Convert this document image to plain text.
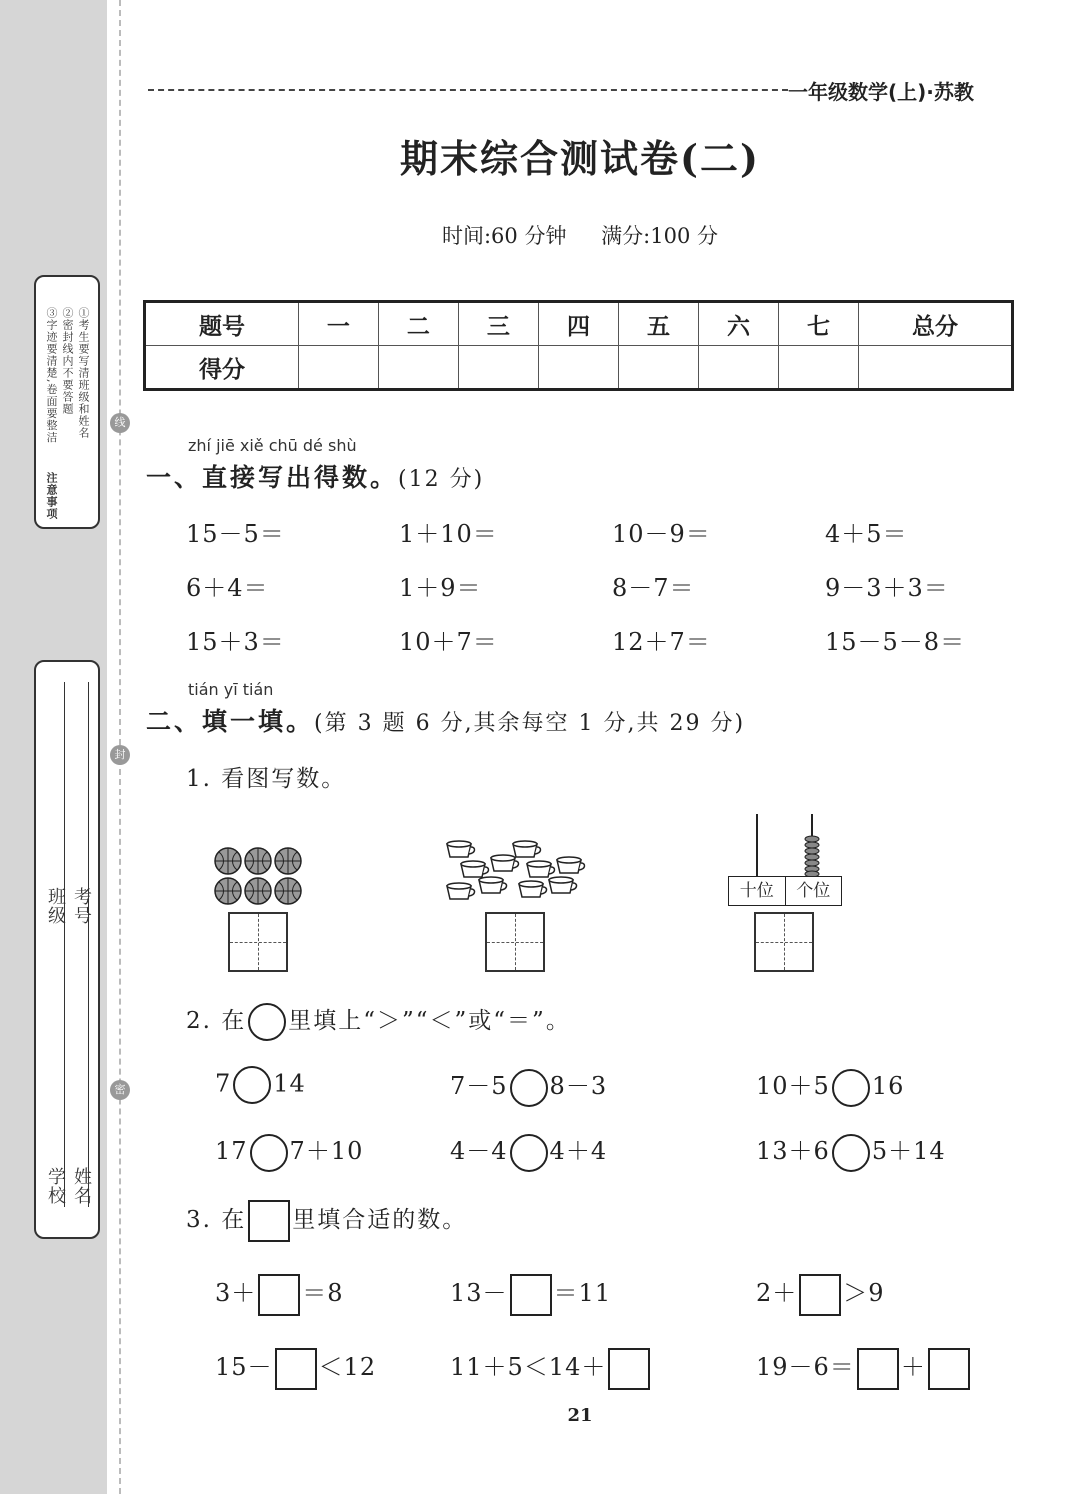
①考生要写清班级和姓名
②密封线内不要答题
③字迹要清楚,卷面要整洁
注意事项
班级 考号
学校 姓名
线
封
密
一年级数学(上)·苏教
期末综合测试卷(二)
时间:60 分钟 满分:100 分
题号	一	二	三	四	五	六	七	总分
得分								
zhí jiē xiě chū dé shù
一、直接写出得数。(12 分)
15－5＝	1＋10＝	10－9＝	4＋5＝
6＋4＝	1＋9＝	8－7＝	9－3＋3＝
15＋3＝	10＋7＝	12＋7＝	15－5－8＝
tián yī tián
二、填一填。(第 3 题 6 分,其余每空 1 分,共 29 分)
1. 看图写数。
十位	个位
2. 在 里填上“＞”“＜”或“＝”。
7 14	7－5 8－3	10＋5 16
17 7＋10	4－4 4＋4	13＋6 5＋14
3. 在 里填合适的数。
3＋ ＝8	13－ ＝11	2＋ ＞9
15－ ＜12	11＋5＜14＋	19－6＝ ＋
21
